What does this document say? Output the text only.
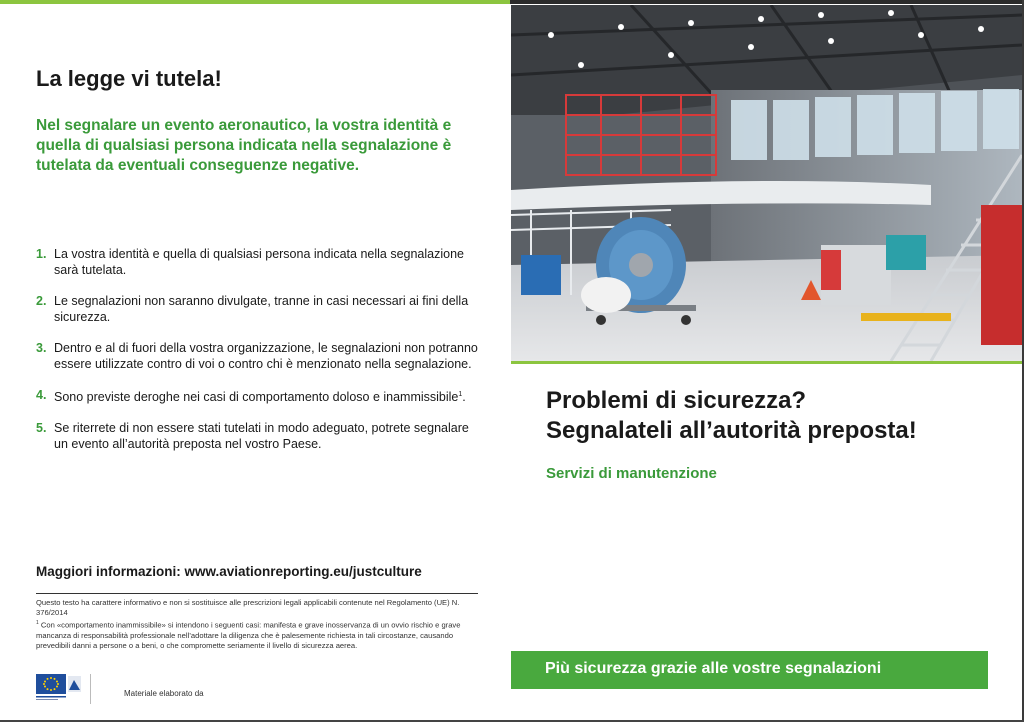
La legge vi tutela!

Nel segnalare un evento aeronautico, la vostra identità e quella di qualsiasi persona indicata nella segnalazione è tutelata da eventuali conseguenze negative.

1. La vostra identità e quella di qualsiasi persona indicata nella segnalazione sarà tutelata.
2. Le segnalazioni non saranno divulgate, tranne in casi necessari ai fini della sicurezza.
3. Dentro e al di fuori della vostra organizzazione, le segnalazioni non potranno essere utilizzate contro di voi o contro chi è menzionato nella segnalazione.
4. Sono previste deroghe nei casi di comportamento doloso e inammissibile$^1$.
5. Se riterrete di non essere stati tutelati in modo adeguato, potrete segnalare un evento all’autorità preposta nel vostro Paese.
Maggiori informazioni: www.aviationreporting.eu/justculture

Questo testo ha carattere informativo e non si sostituisce alle prescrizioni legali applicabili contenute nel Regolamento (UE) N. 376/2014

$^1$ Con «comportamento inammissibile» si intendono i seguenti casi: manifesta e grave inosservanza di un ovvio rischio e grave mancanza di responsabilità professionale nell’adottare la diligenza che è palesemente richiesta in tali circostanze, causando prevedibili danni a persone o a beni, o che compromette seriamente il livello di sicurezza aerea.

Materiale elaborato da
Problemi di sicurezza?
Segnalateli all’autorità preposta!
Servizi di manutenzione
Più sicurezza grazie alle vostre segnalazioni
